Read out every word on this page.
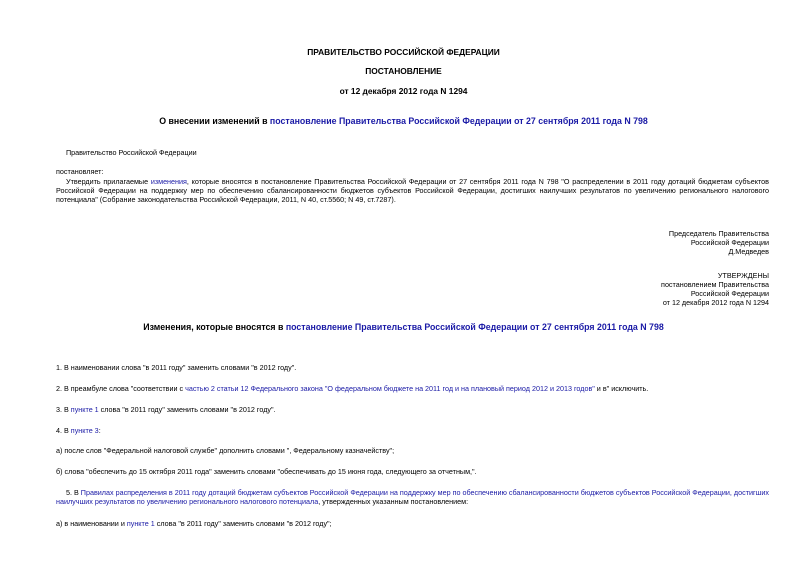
ПРАВИТЕЛЬСТВО РОССИЙСКОЙ ФЕДЕРАЦИИ
ПОСТАНОВЛЕНИЕ
от 12 декабря 2012 года N 1294
О внесении изменений в постановление Правительства Российской Федерации от 27 сентября 2011 года N 798
Правительство Российской Федерации
постановляет:
Утвердить прилагаемые изменения, которые вносятся в постановление Правительства Российской Федерации от 27 сентября 2011 года N 798 "О распределении в 2011 году дотаций бюджетам субъектов Российской Федерации на поддержку мер по обеспечению сбалансированности бюджетов субъектов Российской Федерации, достигших наилучших результатов по увеличению регионального налогового потенциала" (Собрание законодательства Российской Федерации, 2011, N 40, ст.5560; N 49, ст.7287).
Председатель Правительства
Российской Федерации
Д.Медведев
УТВЕРЖДЕНЫ
постановлением Правительства
Российской Федерации
от 12 декабря 2012 года N 1294
Изменения, которые вносятся в постановление Правительства Российской Федерации от 27 сентября 2011 года N 798
1. В наименовании слова "в 2011 году" заменить словами "в 2012 году".
2. В преамбуле слова "соответствии с частью 2 статьи 12 Федерального закона "О федеральном бюджете на 2011 год и на плановый период 2012 и 2013 годов" и в" исключить.
3. В пункте 1 слова "в 2011 году" заменить словами "в 2012 году".
4. В пункте 3:
а) после слов "Федеральной налоговой службе" дополнить словами ", Федеральному казначейству";
б) слова "обеспечить до 15 октября 2011 года" заменить словами "обеспечивать до 15 июня года, следующего за отчетным,".
5. В Правилах распределения в 2011 году дотаций бюджетам субъектов Российской Федерации на поддержку мер по обеспечению сбалансированности бюджетов субъектов Российской Федерации, достигших наилучших результатов по увеличению регионального налогового потенциала, утвержденных указанным постановлением:
а) в наименовании и пункте 1 слова "в 2011 году" заменить словами "в 2012 году";
